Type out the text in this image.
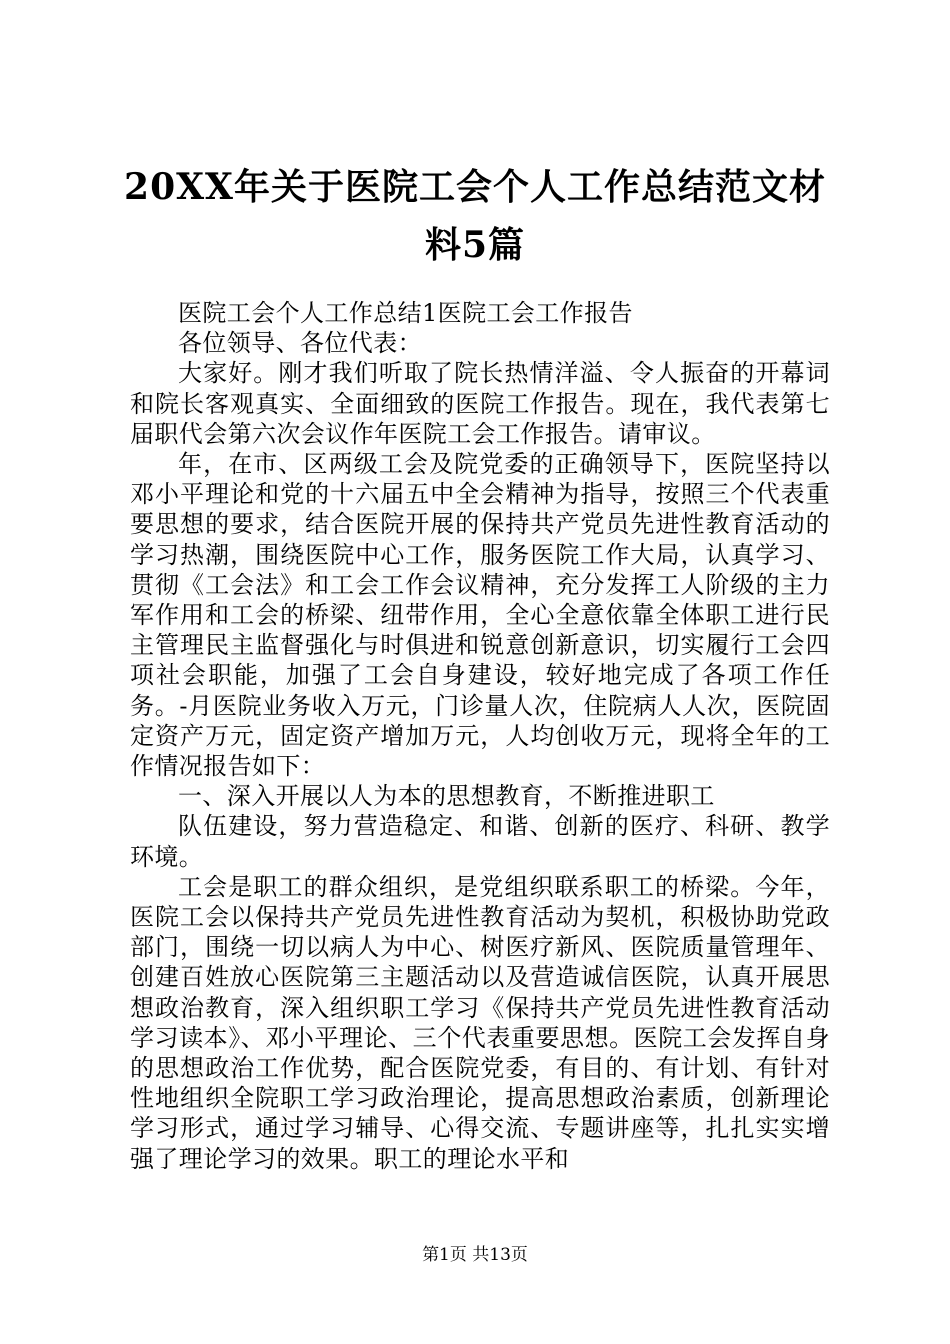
20XX年关于医院工会个人工作总结范文材料5篇

医院工会个人工作总结1医院工会工作报告

各位领导、各位代表：

大家好。刚才我们听取了院长热情洋溢、令人振奋的开幕词和院长客观真实、全面细致的医院工作报告。现在，我代表第七届职代会第六次会议作年医院工会工作报告。请审议。

年，在市、区两级工会及院党委的正确领导下，医院坚持以邓小平理论和党的十六届五中全会精神为指导，按照三个代表重要思想的要求，结合医院开展的保持共产党员先进性教育活动的学习热潮，围绕医院中心工作，服务医院工作大局，认真学习、贯彻《工会法》和工会工作会议精神，充分发挥工人阶级的主力军作用和工会的桥梁、纽带作用，全心全意依靠全体职工进行民主管理民主监督强化与时俱进和锐意创新意识，切实履行工会四项社会职能，加强了工会自身建设，较好地完成了各项工作任务。-月医院业务收入万元，门诊量人次，住院病人人次，医院固定资产万元，固定资产增加万元，人均创收万元，现将全年的工作情况报告如下：

一、深入开展以人为本的思想教育，不断推进职工

队伍建设，努力营造稳定、和谐、创新的医疗、科研、教学环境。

工会是职工的群众组织，是党组织联系职工的桥梁。今年，医院工会以保持共产党员先进性教育活动为契机，积极协助党政部门，围绕一切以病人为中心、树医疗新风、医院质量管理年、创建百姓放心医院第三主题活动以及营造诚信医院，认真开展思想政治教育，深入组织职工学习《保持共产党员先进性教育活动学习读本》、邓小平理论、三个代表重要思想。医院工会发挥自身的思想政治工作优势，配合医院党委，有目的、有计划、有针对性地组织全院职工学习政治理论，提高思想政治素质，创新理论学习形式，通过学习辅导、心得交流、专题讲座等，扎扎实实增强了理论学习的效果。职工的理论水平和

第1页 共13页
